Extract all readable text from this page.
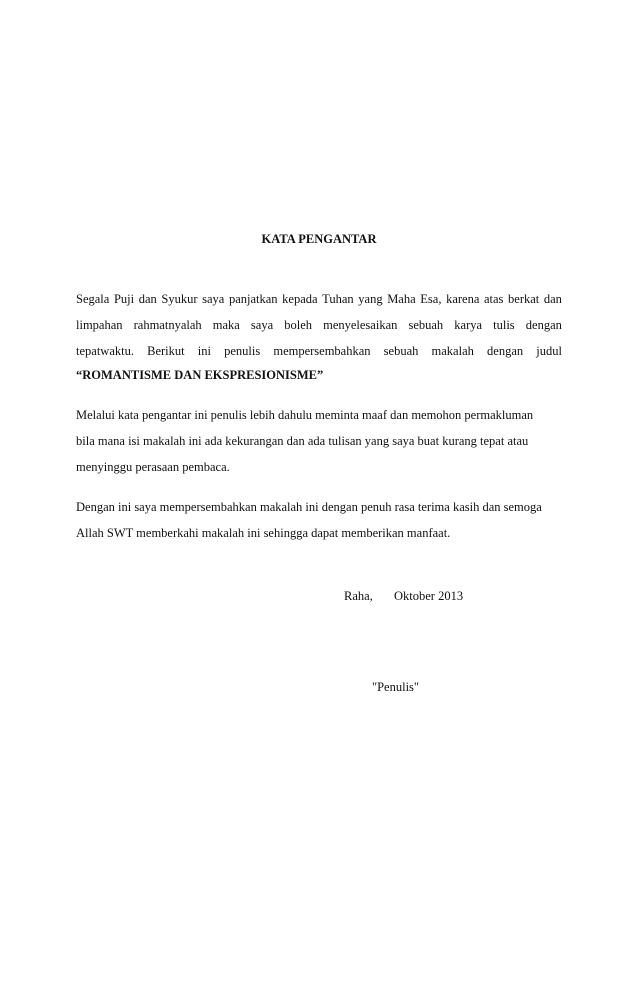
KATA PENGANTAR
Segala Puji dan Syukur saya panjatkan kepada Tuhan yang Maha Esa, karena atas berkat dan
limpahan rahmatnyalah maka saya boleh menyelesaikan sebuah karya tulis dengan
tepatwaktu. Berikut ini penulis mempersembahkan sebuah makalah dengan judul
“ROMANTISME DAN EKSPRESIONISME”
Melalui kata pengantar ini penulis lebih dahulu meminta maaf dan memohon permakluman
bila mana isi makalah ini ada kekurangan dan ada tulisan yang saya buat kurang tepat atau
menyinggu perasaan pembaca.
Dengan ini saya mempersembahkan makalah ini dengan penuh rasa terima kasih dan semoga
Allah SWT memberkahi makalah ini sehingga dapat memberikan manfaat.
Raha, Oktober 2013
"Penulis"
